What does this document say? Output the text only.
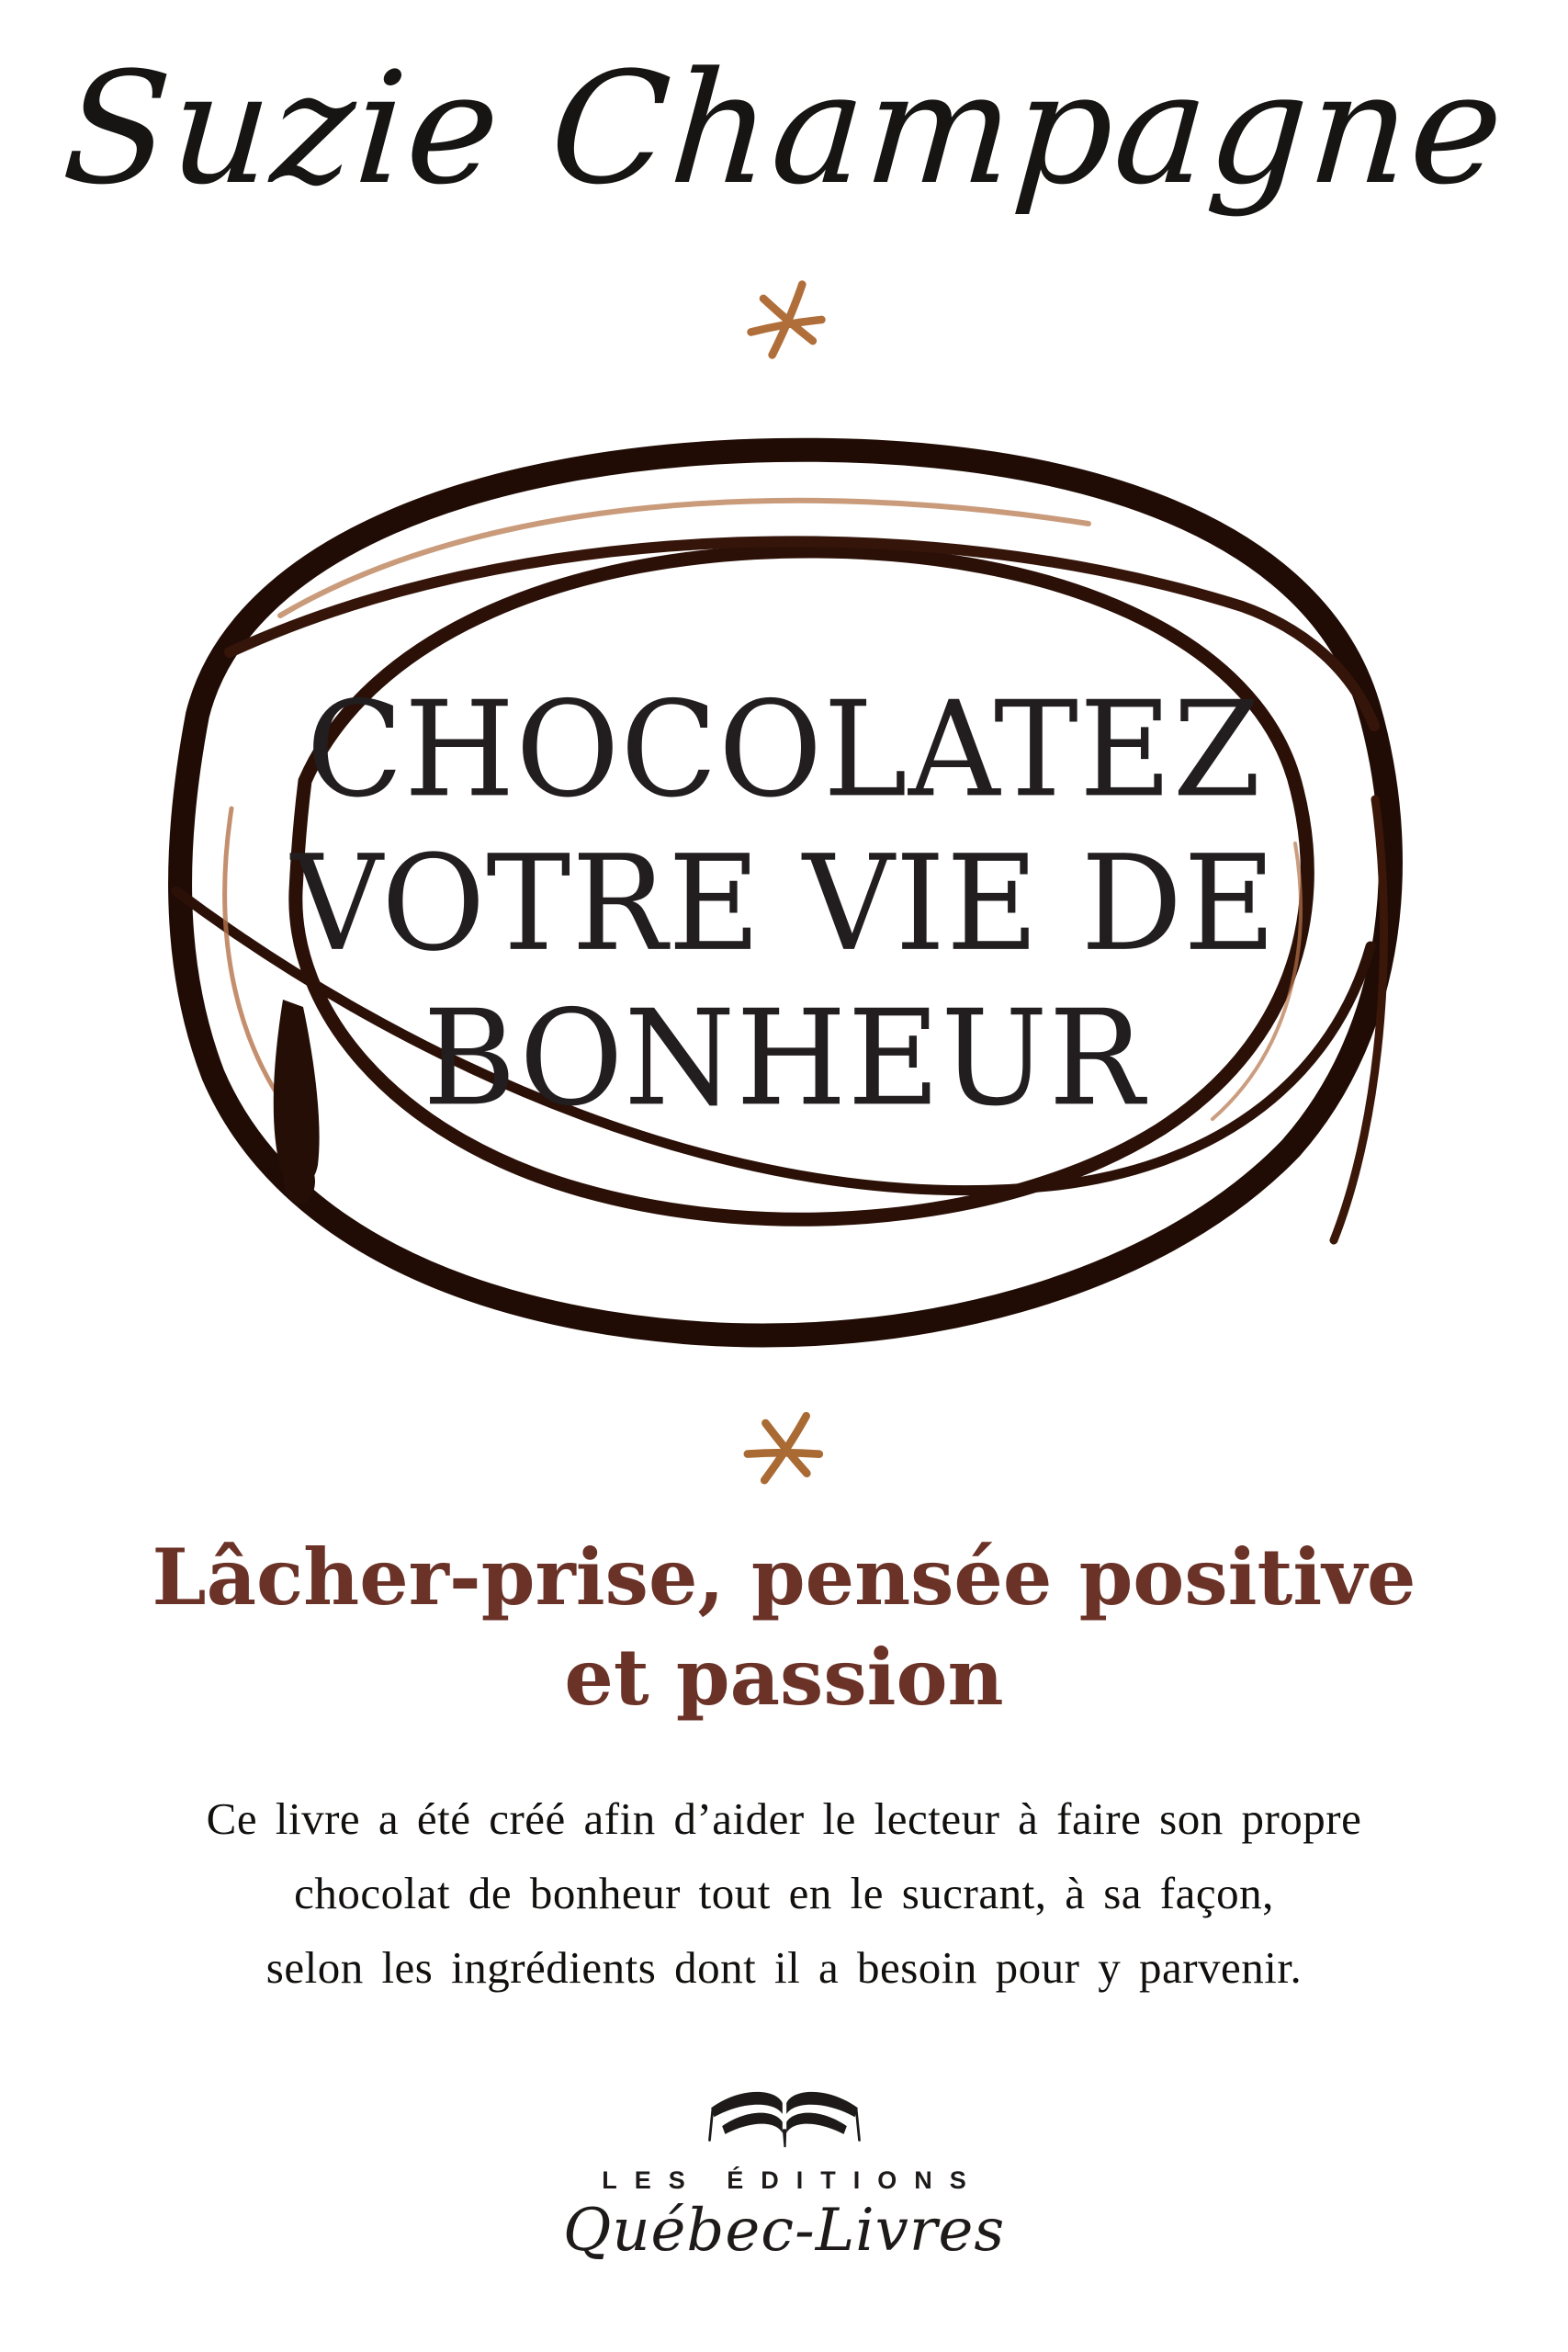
Suzie Champagne
CHOCOLATEZ
VOTRE VIE DE
BONHEUR
Lâcher-prise, pensée positive
et passion
Ce livre a été créé afin d’aider le lecteur à faire son propre
chocolat de bonheur tout en le sucrant, à sa façon,
selon les ingrédients dont il a besoin pour y parvenir.
LES ÉDITIONS
Québec-Livres
